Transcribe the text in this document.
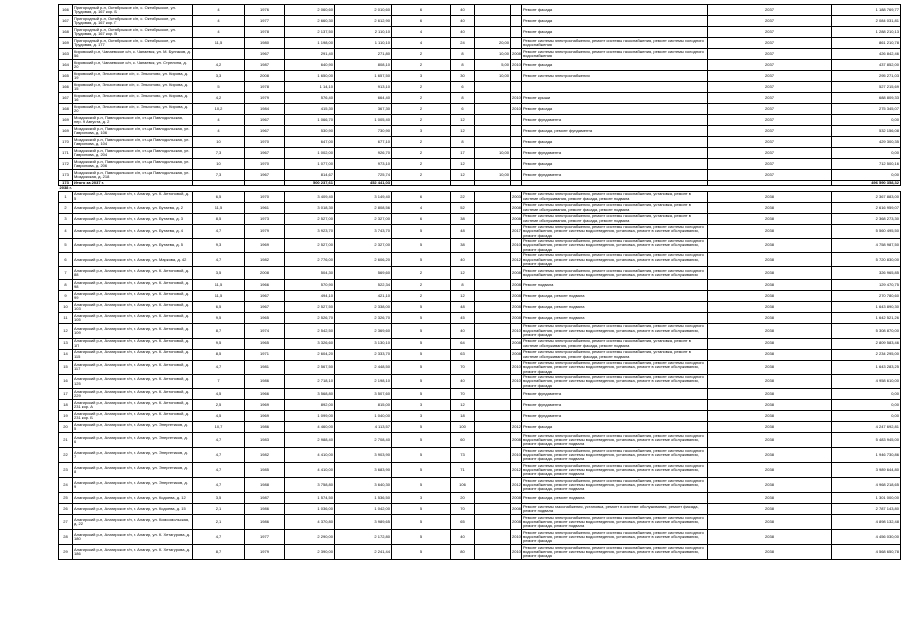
166	Пригородный р-н, Октябрьское с/п, с. Октябрьское, ул. Трудовая, д. 167 кор. Б	4	1976	2 060,60	2 010,60	6	40			Ремонт фасада	2037	1 188 769,77
167	Пригородный р-н, Октябрьское с/п, с. Октябрьское, ул. Трудовая, д. 167 кор. Г	4	1977	2 660,30	2 612,90	6	40			Ремонт фасада	2037	2 084 031,81
168	Пригородный р-н, Октябрьское с/п, с. Октябрьское, ул. Трудовая, д. 167 кор. В	4	1978	2 137,50	2 110,10	4	40			Ремонт фасада	2037	1 288 210,13
169	Пригородный р-н, Октябрьское с/п, с. Октябрьское, ул. Трудовая, д. 177	11,5	1980	1 198,00	1 110,10	4	24	20,00		Ремонт системы электроснабжения, ремонт системы газоснабжения, ремонт системы холодного водоснабжения	2037	861 210,78
163	Кировский р-н, Чапаевское с/п, с. Чапаевск, ул. М. Булгаков, д. 56		1967	291,40	271,80	2	8	10,00	2008	Ремонт системы электроснабжения, ремонт системы газоснабжения, ремонт системы холодного водоснабжения	2037	426 842,46
164	Кировский р-н, Чапаевское с/п, с. Чапаевск, ул. Стрелина, д. 20	4,2	1987	640,90	808,10	2	8	5,00	2010	Ремонт фасада	2037	437 852,00
165	Кировский р-н, Эльхотовское с/п, с. Эльхотово, ул. Кирова, д. 19	3,3	2008	1 650,00	1 657,50	3	30	10,00		Ремонт системы электроснабжения	2037	295 271,03
166	Кировский р-н, Эльхотовское с/п, с. Эльхотово, ул. Кирова, д. 15	5	1978	1 14,10	913,10	2	6				2037	527 215,69
167	Кировский р-н, Эльхотовское с/п, с. Эльхотово, ул. Кирова, д. 16	4,2	1979	576,40	664,40	2	8		2010	Ремонт крыши	2037	688 809,33
168	Кировский р-н, Эльхотовское с/п, с. Эльхотово, ул. Кирова, д. 20	10,2	1984	415,30	367,30	2	6		2010	Ремонт фасада	2037	275 345,07
169	Моздокский р-н, Павлодольское с/п, ст-ца Павлодольская, пер. 9 Августа, д. 2	4	1967	1 066,70	1 005,40	2	12			Ремонт фундамента	2037	0,00
169	Моздокский р-н, Павлодольское с/п, ст-ца Павлодольская, ул. Гаврилова, д. 106	4	1967	530,90	730,90	3	12			Ремонт фасада, ремонт фундамента	2037	532 156,08
170	Моздокский р-н, Павлодольское с/п, ст-ца Павлодольская, ул. Гаврилова, д. 104	10	1970	647,00	677,10	2	8			Ремонт фасада	2037	429 300,35
171	Моздокский р-н, Павлодольское с/п, ст-ца Павлодольская, ул. Гаврилова, д. 204	7,3	1967	1 002,00	926,70	2	17	10,00		Ремонт фундамента	2037	0,00
172	Моздокский р-н, Павлодольское с/п, ст-ца Павлодольская, ул. Гаврилова, д. 206	10	1970	1 077,00	973,10	2	12			Ремонт фасада	2037	712 500,16
173	Моздокский р-н, Павлодольское с/п, ст-ца Павлодольская, ул. Моздокская, д. 218	7,3	1967	814,67	725,74	2	12	10,00		Ремонт фундамента	2037	0,00
173	Итого за 2037 г.			500 237,61	452 441,03							496 590 358,32
2038 г.												
1	Алагирский р-н, Алагирское г/п, г. Алагир, ул. К. Антоновой, д. 5	6,5	1970	3 409,40	3 149,40	6	22		2003	Ремонт системы электроснабжения, ремонт системы газоснабжения, установка, ремонт в системе обслуживания, ремонт фасада, ремонт подвала	2038	2 367 883,00
2	Алагирский р-н, Алагирское г/п, г. Алагир, ул. Бутаева, д. 2	11,5	1961	3 018,30	2 808,56	4	52		2008	Ремонт системы электроснабжения, ремонт системы газоснабжения, установка, ремонт в системе обслуживания, ремонт фасада, ремонт подвала	2038	2 616 959,07
3	Алагирский р-н, Алагирское г/п, г. Алагир, ул. Бутаева, д. 3	8,5	1973	2 527,00	2 327,00	6	38		2008	Ремонт системы электроснабжения, ремонт системы газоснабжения, установка, ремонт в системе обслуживания, ремонт фасада, ремонт подвала	2038	2 368 273,30
4	Алагирский р-н, Алагирское г/п, г. Алагир, ул. Бутаева, д. 4	4,7	1979	3 923,70	3 743,70	5	48		2017	Ремонт системы электроснабжения, ремонт системы газоснабжения, ремонт системы холодного водоснабжения, ремонт системы водоотведения, установка, ремонт в системе обслуживания, ремонт фасада	2038	5 560 495,50
5	Алагирский р-н, Алагирское г/п, г. Алагир, ул. Бутаева, д. 5	9,3	1969	2 527,00	2 327,00	5	38		2010	Ремонт системы электроснабжения, ремонт системы газоснабжения, ремонт системы холодного водоснабжения, ремонт системы водоотведения, установка, ремонт в системе обслуживания, ремонт фасада	2038	4 758 987,50
6	Алагирский р-н, Алагирское г/п, г. Алагир, ул. Маркова, д. 42	4,7	1982	2 776,00	2 606,20	5	40		2012	Ремонт системы электроснабжения, ремонт системы газоснабжения, ремонт системы холодного водоснабжения, ремонт системы водоотведения, установка, ремонт в системе обслуживания, ремонт фасада	2038	5 720 830,00
7	Алагирский р-н, Алагирское г/п, г. Алагир, ул. К. Антоновой, д. 88	3,5	2008	504,30	569,60	2	12		2008	Ремонт системы электроснабжения, ремонт системы газоснабжения, ремонт системы холодного водоснабжения, ремонт системы водоотведения, установка, ремонт в системе обслуживания	2038	326 965,85
8	Алагирский р-н, Алагирское г/п, г. Алагир, ул. К. Антоновой, д. 98	11,5	1966	570,90	522,34	2	8		2008	Ремонт подвала	2038	129 470,75
9	Алагирский р-н, Алагирское г/п, г. Алагир, ул. К. Антоновой, д. 99	11,5	1967	494,10	421,10	2	12		2008	Ремонт фасада, ремонт подвала	2038	270 780,60
10	Алагирский р-н, Алагирское г/п, г. Алагир, ул. К. Антоновой, д. 103	6,5	1967	2 527,50	2 338,00	5	48		2008	Ремонт фасада, ремонт подвала	2038	1 643 890,30
11	Алагирский р-н, Алагирское г/п, г. Алагир, ул. К. Антоновой, д. 105	9,5	1965	2 526,70	2 326,70	5	45		2008	Ремонт фасада, ремонт подвала	2038	1 642 521,26
12	Алагирский р-н, Алагирское г/п, г. Алагир, ул. К. Антоновой, д. 109	8,7	1974	2 542,50	2 369,60	5	40		2010	Ремонт системы электроснабжения, ремонт системы газоснабжения, ремонт системы холодного водоснабжения, ремонт системы водоотведения, установка, ремонт в системе обслуживания, ремонт фасада	2038	5 308 870,00
13	Алагирский р-н, Алагирское г/п, г. Алагир, ул. К. Антоновой, д. 1П	9,5	1965	3 326,60	3 130,10	5	64		2008	Ремонт системы электроснабжения, ремонт системы газоснабжения, установка, ремонт в системе обслуживания, ремонт фасада, ремонт подвала	2038	2 809 583,46
14	Алагирский р-н, Алагирское г/п, г. Алагир, ул. К. Антоновой, д. 115	8,5	1971	2 604,20	2 333,70	5	63		2008	Ремонт системы электроснабжения, ремонт системы газоснабжения, установка, ремонт в системе обслуживания, ремонт фасада, ремонт подвала	2038	2 234 295,00
15	Алагирский р-н, Алагирское г/п, г. Алагир, ул. К. Антоновой, д. 117	4,7	1981	2 567,50	2 448,50	5	70		2010	Ремонт системы электроснабжения, ремонт системы газоснабжения, ремонт системы холодного водоснабжения, ремонт системы водоотведения, установка, ремонт в системе обслуживания, ремонт фасада	2038	1 643 283,25
16	Алагирский р-н, Алагирское г/п, г. Алагир, ул. К. Антоновой, д. 125	7	1986	2 718,10	2 198,10	5	40		2010	Ремонт системы электроснабжения, ремонт системы газоснабжения, ремонт системы холодного водоснабжения, ремонт системы водоотведения, установка, ремонт в системе обслуживания, ремонт фасада	2038	4 958 610,00
17	Алагирский р-н, Алагирское г/п, г. Алагир, ул. К. Антоновой, д. 229	4,5	1966	3 568,80	3 507,60	5	70			Ремонт фундамента	2038	0,00
18	Алагирский р-н, Алагирское г/п, г. Алагир, ул. К. Антоновой, д. 231 кор. А	2,5	1969	892,00	815,00	3	12			Ремонт фундамента	2038	0,00
19	Алагирский р-н, Алагирское г/п, г. Алагир, ул. К. Антоновой, д. 231 кор. Б	4,5	1969	1 099,00	1 040,00	3	18			Ремонт фундамента	2038	0,00
20	Алагирский р-н, Алагирское г/п, г. Алагир, ул. Энергетиков, д. 5	10,7	1986	4 460,00	4 113,57	5	100		2012	Ремонт фасада	2038	4 247 692,81
21	Алагирский р-н, Алагирское г/п, г. Алагир, ул. Энергетиков, д. 6	4,7	1983	2 988,40	2 708,40	5	60		2008	Ремонт системы электроснабжения, ремонт системы газоснабжения, ремонт системы холодного водоснабжения, ремонт системы водоотведения, установка, ремонт в системе обслуживания, ремонт фасада, ремонт подвала	2038	5 483 945,00
22	Алагирский р-н, Алагирское г/п, г. Алагир, ул. Энергетиков, д. 7	4,7	1982	4 410,00	3 903,90	5	73		2010	Ремонт системы электроснабжения, ремонт системы газоснабжения, ремонт системы холодного водоснабжения, ремонт системы водоотведения, установка, ремонт в системе обслуживания, ремонт фасада, ремонт подвала	2038	1 946 730,86
23	Алагирский р-н, Алагирское г/п, г. Алагир, ул. Энергетиков, д. 8	4,7	1985	4 410,00	3 683,90	5	71		2012	Ремонт системы электроснабжения, ремонт системы газоснабжения, ремонт системы холодного водоснабжения, ремонт системы водоотведения, установка, ремонт в системе обслуживания, ремонт фасада, ремонт подвала	2038	3 989 644,80
24	Алагирский р-н, Алагирское г/п, г. Алагир, ул. Энергетиков, д. 9	4,7	1988	3 758,80	3 640,30	5	106		2012	Ремонт системы электроснабжения, ремонт системы газоснабжения, ремонт системы холодного водоснабжения, ремонт системы водоотведения, установка, ремонт в системе обслуживания, ремонт фасада, ремонт подвала	2038	4 968 218,65
25	Алагирский р-н, Алагирское г/п, г. Алагир, ул. Кодоева, д. 12	3,5	1987	1 574,50	1 536,50	3	20		2008	Ремонт фасада, ремонт подвала	2038	1 301 000,00
26	Алагирский р-н, Алагирское г/п, г. Алагир, ул. Кодоева, д. 15	2,1	1986	1 036,00	1 042,00	5	70		2008	Ремонт системы газоснабжения, установка, ремонт в системе обслуживания, ремонт фасада, ремонт подвала	2038	2 787 143,80
27	Алагирский р-н, Алагирское г/п, г. Алагир, ул. Комсомольская, д. 22	2,1	1986	4 370,80	3 989,65	5	65		2008	Ремонт системы электроснабжения, ремонт системы газоснабжения, ремонт системы холодного водоснабжения, ремонт системы водоотведения, установка, ремонт в системе обслуживания, ремонт фасада, ремонт подвала	2038	4 898 132,48
28	Алагирский р-н, Алагирское г/п, г. Алагир, ул. К. Хетагурова, д. 180	4,7	1977	2 290,00	2 172,80	5	40		2010	Ремонт системы электроснабжения, ремонт системы газоснабжения, ремонт системы холодного водоснабжения, ремонт системы водоотведения, установка, ремонт в системе обслуживания, ремонт фасада	2038	4 456 030,00
29	Алагирский р-н, Алагирское г/п, г. Алагир, ул. К. Хетагурова, д. 186	8,7	1979	2 390,00	2 241,44	5	80		2010	Ремонт системы электроснабжения, ремонт системы газоснабжения, ремонт системы холодного водоснабжения, ремонт системы водоотведения, установка, ремонт в системе обслуживания, ремонт фасада	2038	4 568 650,78
